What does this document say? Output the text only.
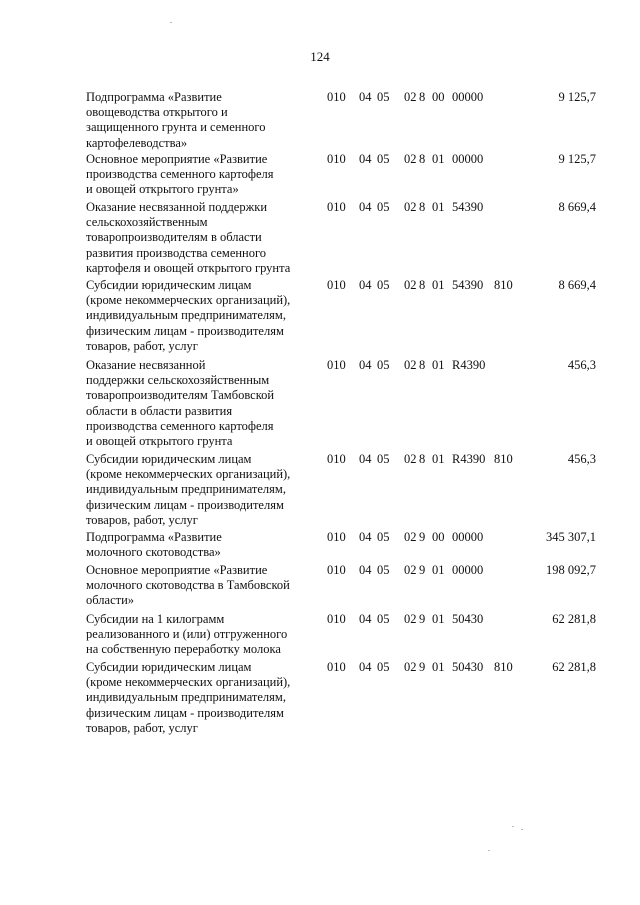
124
Подпрограмма «Развитие
овощеводства открытого и
защищенного грунта и семенного
картофелеводства»
010 04 05 02 8 00 00000	9 125,7
Основное мероприятие «Развитие
производства семенного картофеля
и овощей открытого грунта»
010 04 05 02 8 01 00000	9 125,7
Оказание несвязанной поддержки
сельскохозяйственным
товаропроизводителям в области
развития производства семенного
картофеля и овощей открытого грунта
010 04 05 02 8 01 54390	8 669,4
Субсидии юридическим лицам
(кроме некоммерческих организаций),
индивидуальным предпринимателям,
физическим лицам - производителям
товаров, работ, услуг
010 04 05 02 8 01 54390 810	8 669,4
Оказание несвязанной
поддержки сельскохозяйственным
товаропроизводителям Тамбовской
области в области развития
производства семенного картофеля
и овощей открытого грунта
010 04 05 02 8 01 R4390	456,3
Субсидии юридическим лицам
(кроме некоммерческих организаций),
индивидуальным предпринимателям,
физическим лицам - производителям
товаров, работ, услуг
010 04 05 02 8 01 R4390 810	456,3
Подпрограмма «Развитие
молочного скотоводства»
010 04 05 02 9 00 00000	345 307,1
Основное мероприятие «Развитие
молочного скотоводства в Тамбовской
области»
010 04 05 02 9 01 00000	198 092,7
Субсидии на 1 килограмм
реализованного и (или) отгруженного
на собственную переработку молока
010 04 05 02 9 01 50430	62 281,8
Субсидии юридическим лицам
(кроме некоммерческих организаций),
индивидуальным предпринимателям,
физическим лицам - производителям
товаров, работ, услуг
010 04 05 02 9 01 50430 810	62 281,8
